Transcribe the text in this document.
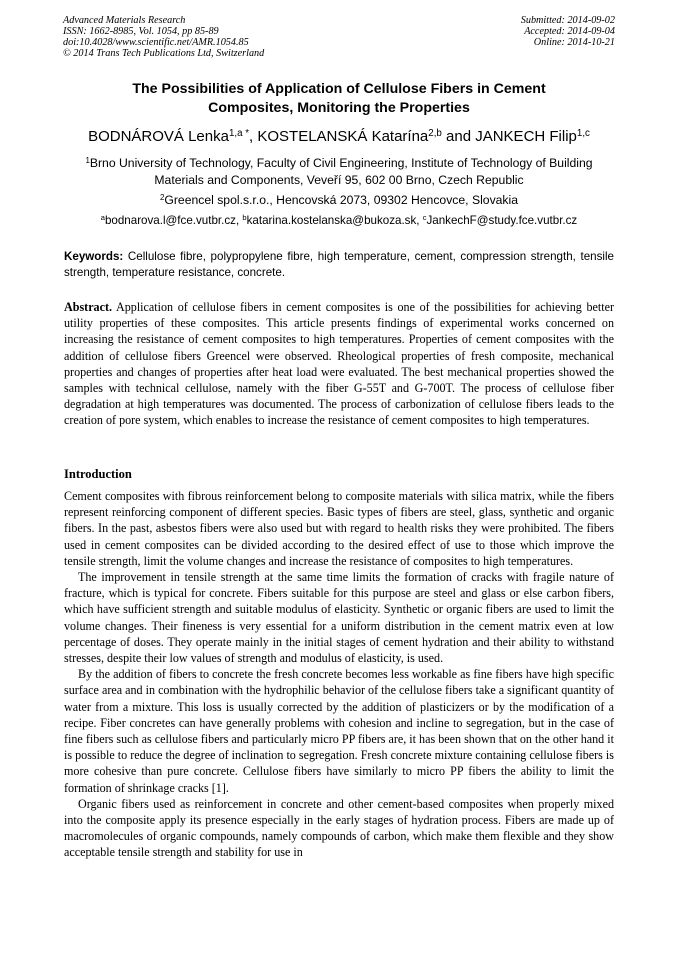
Advanced Materials Research
ISSN: 1662-8985, Vol. 1054, pp 85-89
doi:10.4028/www.scientific.net/AMR.1054.85
© 2014 Trans Tech Publications Ltd, Switzerland
Submitted: 2014-09-02
Accepted: 2014-09-04
Online: 2014-10-21
The Possibilities of Application of Cellulose Fibers in Cement
Composites, Monitoring the Properties
BODNÁROVÁ Lenka$^{1,a *}$, KOSTELANSKÁ Katarína$^{2,b}$ and JANKECH Filip$^{1,c}$
$^1$Brno University of Technology, Faculty of Civil Engineering, Institute of Technology of Building
Materials and Components, Veveří 95, 602 00 Brno, Czech Republic
$^2$Greencel spol.s.r.o., Hencovská 2073, 09302 Hencovce, Slovakia
$^a$bodnarova.l@fce.vutbr.cz, $^b$katarina.kostelanska@bukoza.sk, $^c$JankechF@study.fce.vutbr.cz
Keywords: Cellulose fibre, polypropylene fibre, high temperature, cement, compression strength, tensile strength, temperature resistance, concrete.

Abstract. Application of cellulose fibers in cement composites is one of the possibilities for achieving better utility properties of these composites. This article presents findings of experimental works concerned on increasing the resistance of cement composites to high temperatures. Properties of cement composites with the addition of cellulose fibers Greencel were observed. Rheological properties of fresh composite, mechanical properties and changes of properties after heat load were evaluated. The best mechanical properties showed the samples with technical cellulose, namely with the fiber G-55T and G-700T. The process of cellulose fiber degradation at high temperatures was documented. The process of carbonization of cellulose fibers leads to the creation of pore system, which enables to increase the resistance of cement composites to high temperatures.

Introduction

Cement composites with fibrous reinforcement belong to composite materials with silica matrix, while the fibers represent reinforcing component of different species. Basic types of fibers are steel, glass, synthetic and organic fibers. In the past, asbestos fibers were also used but with regard to health risks they were prohibited. The fibers used in cement composites can be divided according to the desired effect of use to those which improve the tensile strength, limit the volume changes and increase the resistance of composites to high temperatures.

The improvement in tensile strength at the same time limits the formation of cracks with fragile nature of fracture, which is typical for concrete. Fibers suitable for this purpose are steel and glass or else carbon fibers, which have sufficient strength and suitable modulus of elasticity. Synthetic or organic fibers are used to limit the volume changes. Their fineness is very essential for a uniform distribution in the cement matrix even at low percentage of doses. They operate mainly in the initial stages of cement hydration and their ability to withstand stresses, despite their low values of strength and modulus of elasticity, is used.

By the addition of fibers to concrete the fresh concrete becomes less workable as fine fibers have high specific surface area and in combination with the hydrophilic behavior of the cellulose fibers take a significant quantity of water from a mixture. This loss is usually corrected by the addition of plasticizers or by the modification of a recipe. Fiber concretes can have generally problems with cohesion and incline to segregation, but in the case of fine fibers such as cellulose fibers and particularly micro PP fibers are, it has been shown that on the other hand it is possible to reduce the degree of inclination to segregation. Fresh concrete mixture containing cellulose fibers is more cohesive than pure concrete. Cellulose fibers have similarly to micro PP fibers the ability to limit the formation of shrinkage cracks [1].

Organic fibers used as reinforcement in concrete and other cement-based composites when properly mixed into the composite apply its presence especially in the early stages of hydration process. Fibers are made up of macromolecules of organic compounds, namely compounds of carbon, which make them flexible and they show acceptable tensile strength and stability for use in
